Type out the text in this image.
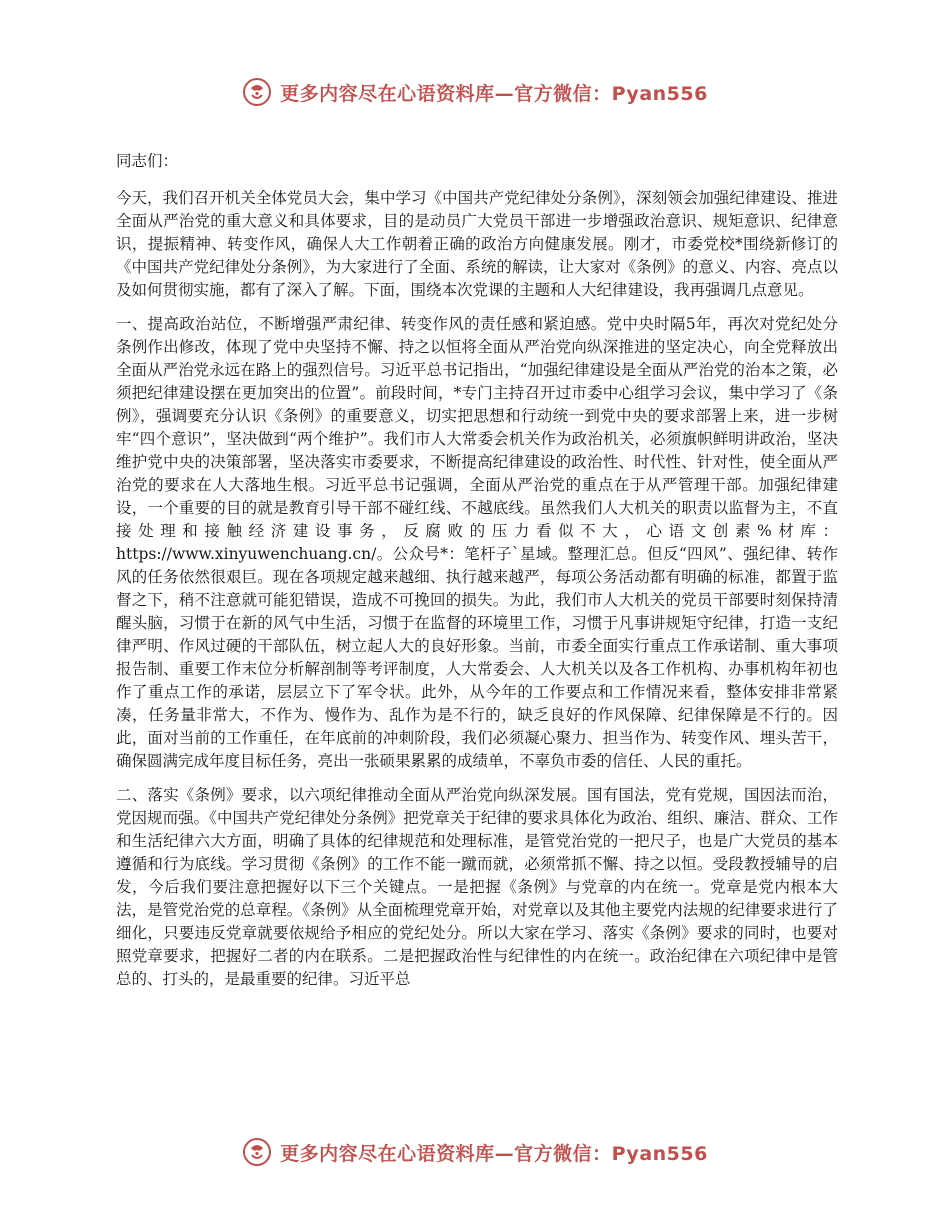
更多内容尽在心语资料库—官方微信：Pyan556

同志们：

今天，我们召开机关全体党员大会，集中学习《中国共产党纪律处分条例》，深刻领会加强纪律建设、推进全面从严治党的重大意义和具体要求，目的是动员广大党员干部进一步增强政治意识、规矩意识、纪律意识，提振精神、转变作风，确保人大工作朝着正确的政治方向健康发展。刚才，市委党校*围绕新修订的《中国共产党纪律处分条例》，为大家进行了全面、系统的解读，让大家对《条例》的意义、内容、亮点以及如何贯彻实施，都有了深入了解。下面，围绕本次党课的主题和人大纪律建设，我再强调几点意见。

一、提高政治站位，不断增强严肃纪律、转变作风的责任感和紧迫感。党中央时隔5年，再次对党纪处分条例作出修改，体现了党中央坚持不懈、持之以恒将全面从严治党向纵深推进的坚定决心，向全党释放出全面从严治党永远在路上的强烈信号。习近平总书记指出，“加强纪律建设是全面从严治党的治本之策，必须把纪律建设摆在更加突出的位置”。前段时间，*专门主持召开过市委中心组学习会议，集中学习了《条例》，强调要充分认识《条例》的重要意义，切实把思想和行动统一到党中央的要求部署上来，进一步树牢“四个意识”，坚决做到“两个维护”。我们市人大常委会机关作为政治机关，必须旗帜鲜明讲政治，坚决维护党中央的决策部署，坚决落实市委要求，不断提高纪律建设的政治性、时代性、针对性，使全面从严治党的要求在人大落地生根。习近平总书记强调，全面从严治党的重点在于从严管理干部。加强纪律建设，一个重要的目的就是教育引导干部不碰红线、不越底线。虽然我们人大机关的职责以监督为主，不直接处理和接触经济建设事务，反腐败的压力看似不大，心语文创素%材库：https://www.xinyuwenchuang.cn/。公众号*：笔杆子`星域。整理汇总。但反“四风”、强纪律、转作风的任务依然很艰巨。现在各项规定越来越细、执行越来越严，每项公务活动都有明确的标准，都置于监督之下，稍不注意就可能犯错误，造成不可挽回的损失。为此，我们市人大机关的党员干部要时刻保持清醒头脑，习惯于在新的风气中生活，习惯于在监督的环境里工作，习惯于凡事讲规矩守纪律，打造一支纪律严明、作风过硬的干部队伍，树立起人大的良好形象。当前，市委全面实行重点工作承诺制、重大事项报告制、重要工作末位分析解剖制等考评制度，人大常委会、人大机关以及各工作机构、办事机构年初也作了重点工作的承诺，层层立下了军令状。此外，从今年的工作要点和工作情况来看，整体安排非常紧凑，任务量非常大，不作为、慢作为、乱作为是不行的，缺乏良好的作风保障、纪律保障是不行的。因此，面对当前的工作重任，在年底前的冲刺阶段，我们必须凝心聚力、担当作为、转变作风、埋头苦干，确保圆满完成年度目标任务，亮出一张硕果累累的成绩单，不辜负市委的信任、人民的重托。

二、落实《条例》要求，以六项纪律推动全面从严治党向纵深发展。国有国法，党有党规，国因法而治，党因规而强。《中国共产党纪律处分条例》把党章关于纪律的要求具体化为政治、组织、廉洁、群众、工作和生活纪律六大方面，明确了具体的纪律规范和处理标准，是管党治党的一把尺子，也是广大党员的基本遵循和行为底线。学习贯彻《条例》的工作不能一蹴而就，必须常抓不懈、持之以恒。受段教授辅导的启发，今后我们要注意把握好以下三个关键点。一是把握《条例》与党章的内在统一。党章是党内根本大法，是管党治党的总章程。《条例》从全面梳理党章开始，对党章以及其他主要党内法规的纪律要求进行了细化，只要违反党章就要依规给予相应的党纪处分。所以大家在学习、落实《条例》要求的同时，也要对照党章要求，把握好二者的内在联系。二是把握政治性与纪律性的内在统一。政治纪律在六项纪律中是管总的、打头的，是最重要的纪律。习近平总

更多内容尽在心语资料库—官方微信：Pyan556
